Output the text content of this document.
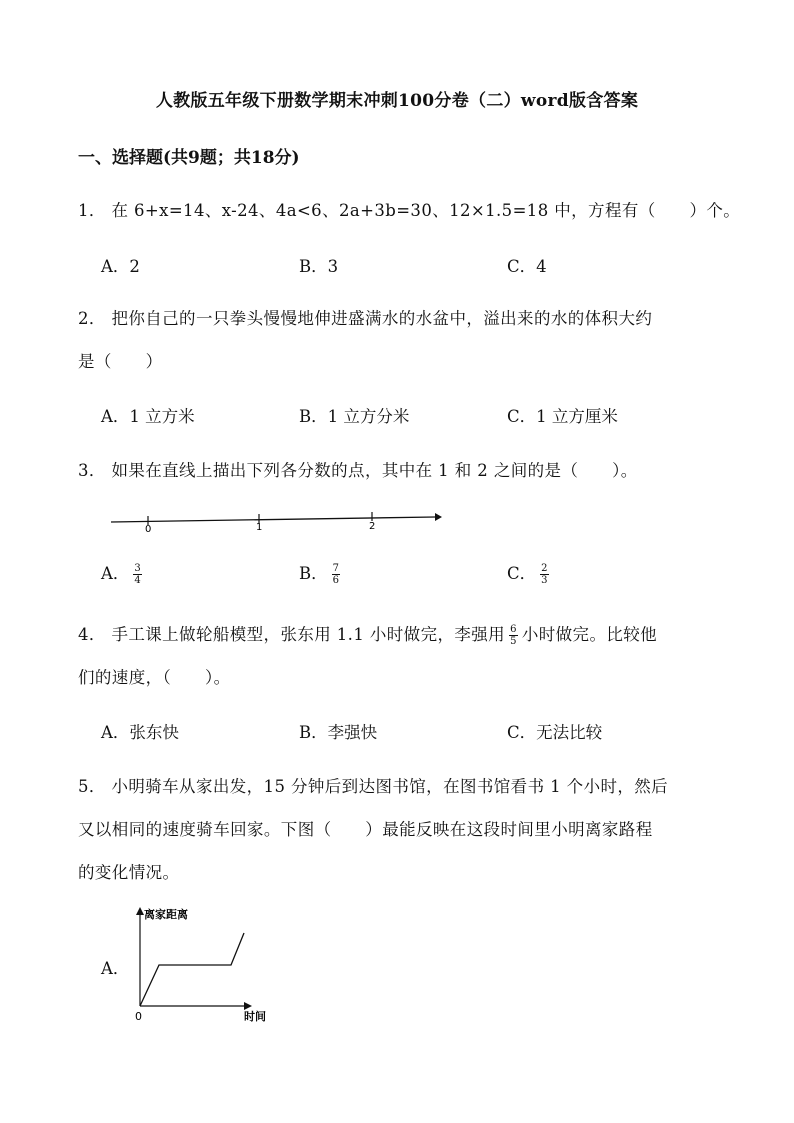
人教版五年级下册数学期末冲刺100分卷（二）word版含答案
一、选择题(共9题；共18分)
1． 在 6+x=14、x-24、4a<6、2a+3b=30、12×1.5=18 中，方程有（　　）个。
A．2	B．3	C．4
2． 把你自己的一只拳头慢慢地伸进盛满水的水盆中，溢出来的水的体积大约
是（　　）
A．1 立方米	B．1 立方分米	C．1 立方厘米
3． 如果在直线上描出下列各分数的点，其中在 1 和 2 之间的是（　　）。
0	1	2
A． $\frac{3}{4}$	B． $\frac{7}{6}$	C． $\frac{2}{3}$
4． 手工课上做轮船模型，张东用 1.1 小时做完，李强用 $\frac{6}{5}$ 小时做完。比较他
们的速度，（　　）。
A．张东快	B．李强快	C．无法比较
5． 小明骑车从家出发，15 分钟后到达图书馆，在图书馆看书 1 个小时，然后
又以相同的速度骑车回家。下图（　　）最能反映在这段时间里小明离家路程
的变化情况。
A．
离家距离
时间
0
